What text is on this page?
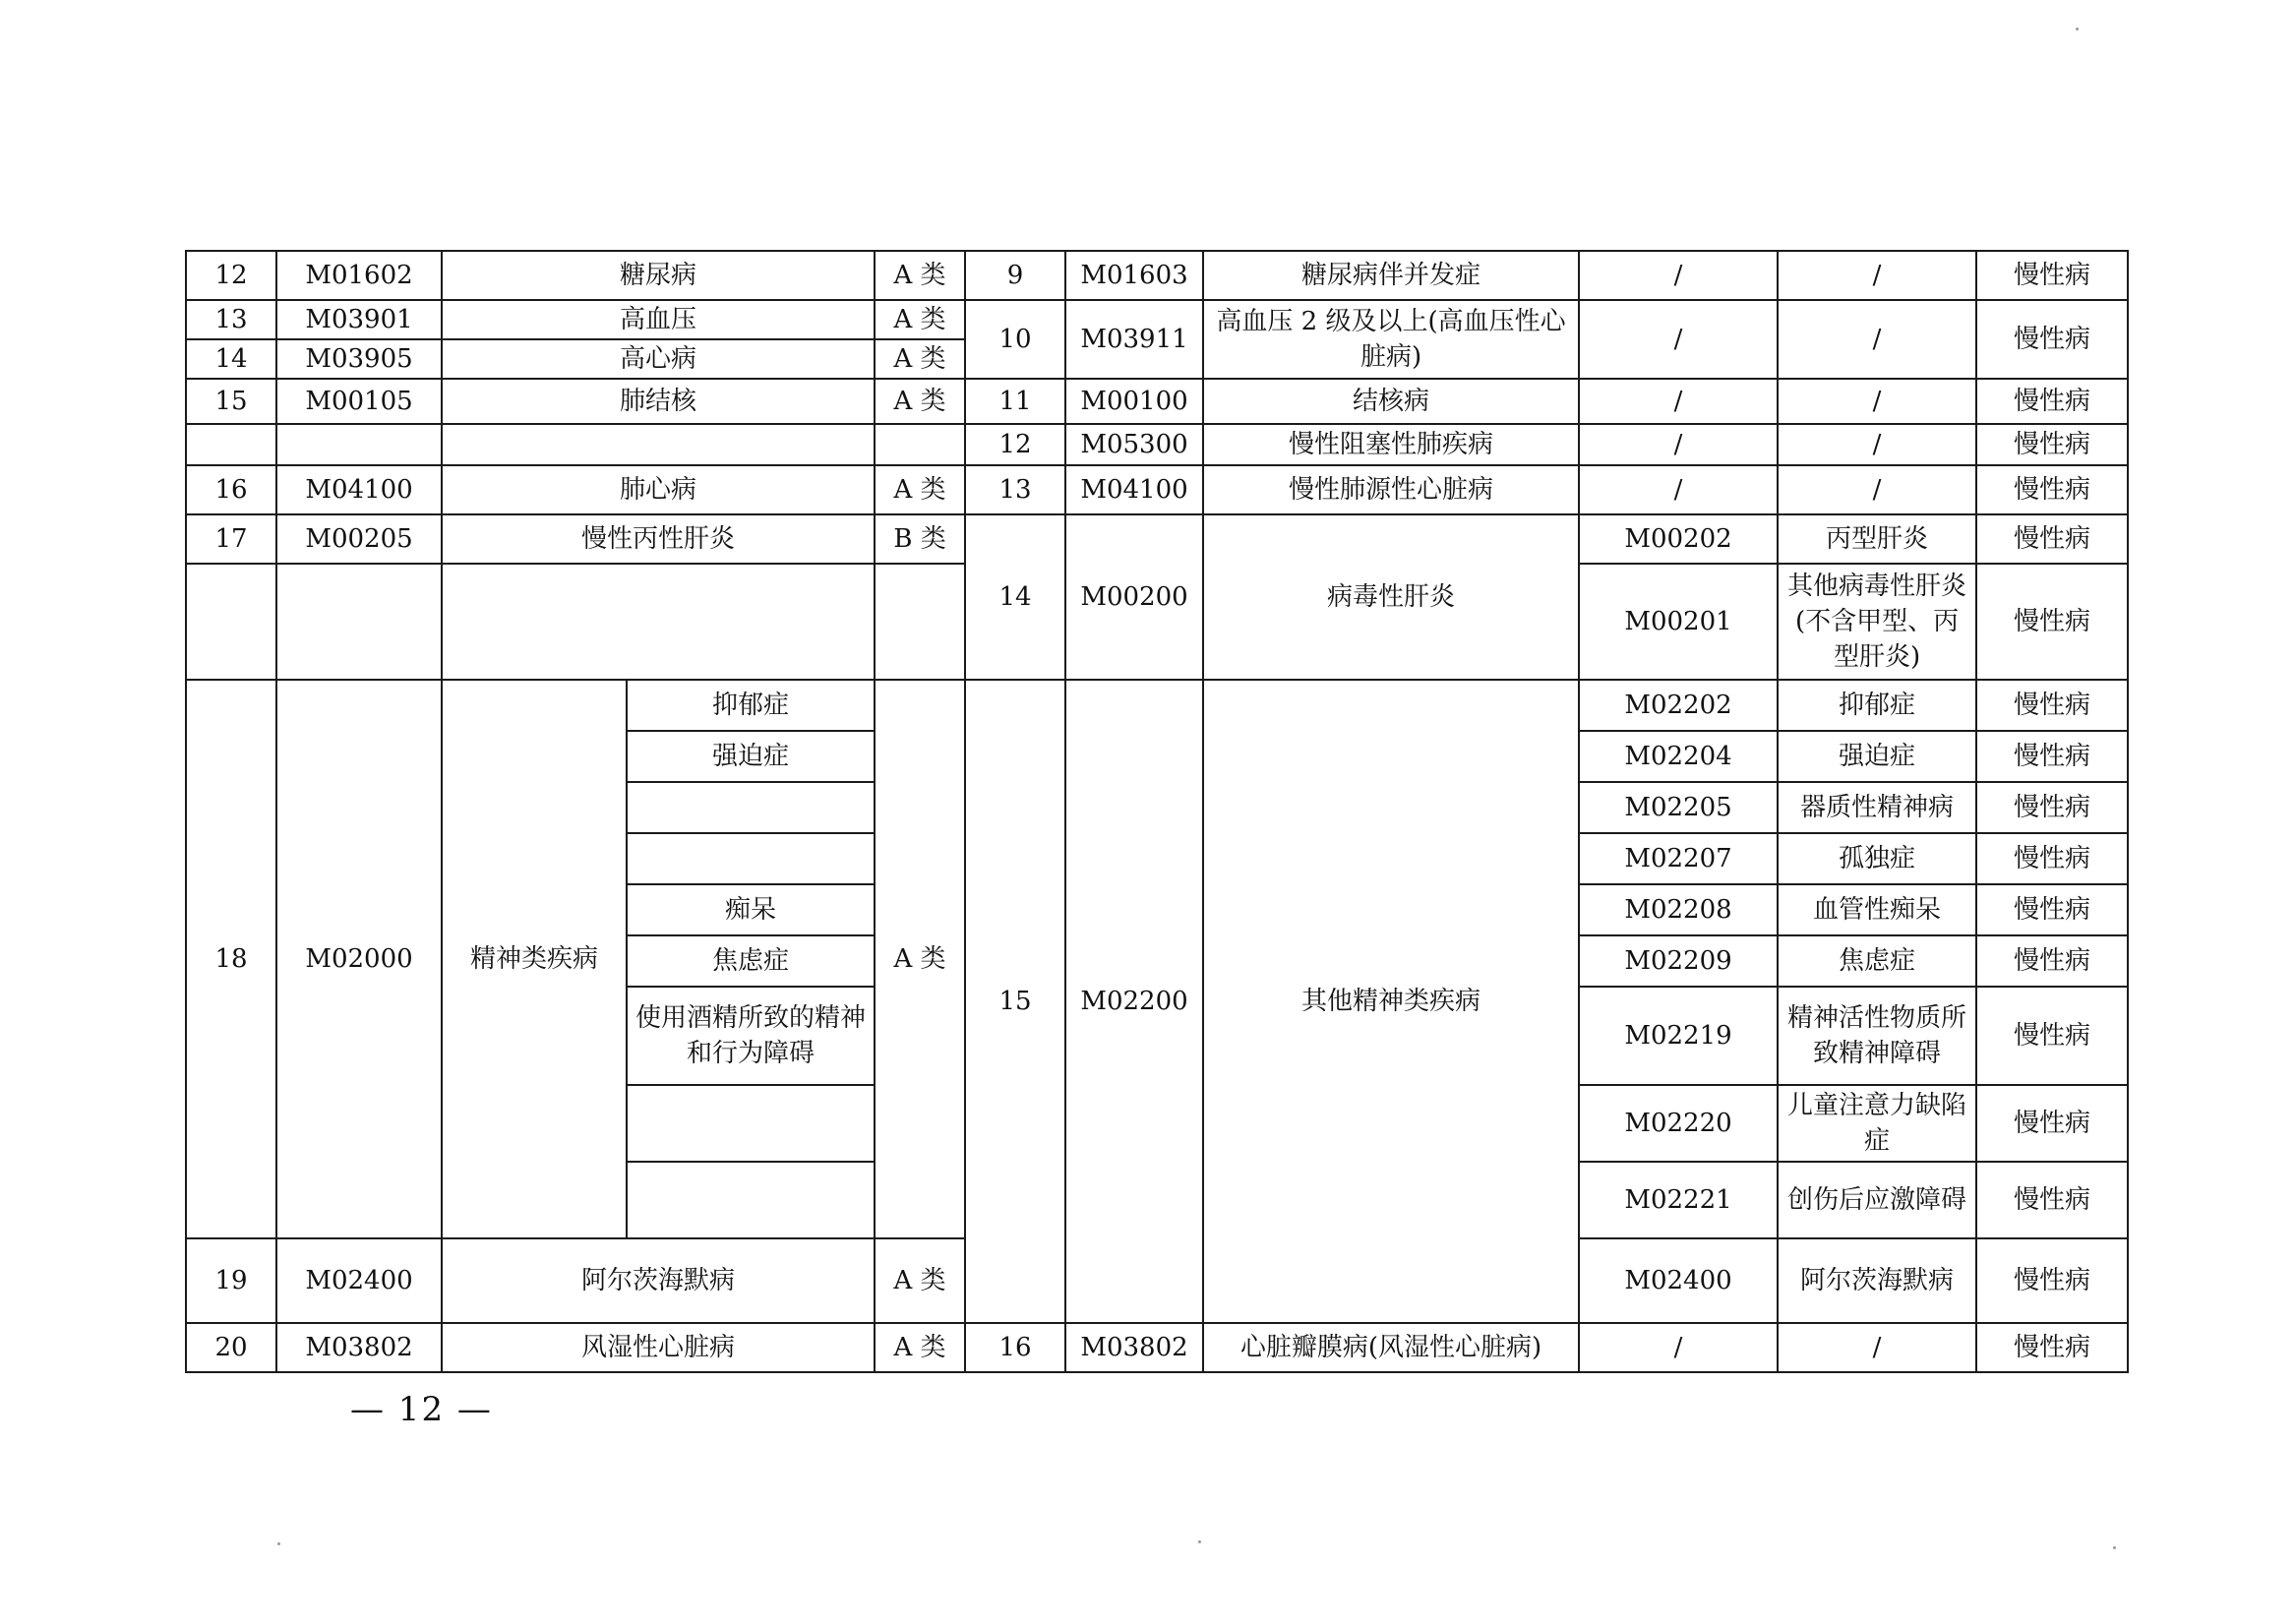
12	M01602	糖尿病		A 类	9	M01603	糖尿病伴并发症	/	/	慢性病
13	M03901	高血压		A 类	10	M03911	高血压 2 级及以上(高血压性心脏病)	/	/	慢性病
14	M03905	高心病		A 类						
15	M00105	肺结核		A 类	11	M00100	结核病	/	/	慢性病
					12	M05300	慢性阻塞性肺疾病	/	/	慢性病
16	M04100	肺心病		A 类	13	M04100	慢性肺源性心脏病	/	/	慢性病
17	M00205	慢性丙性肝炎		B 类	14	M00200	病毒性肝炎	M00202	丙型肝炎	慢性病
								M00201	其他病毒性肝炎(不含甲型、丙型肝炎)	慢性病
18	M02000	精神类疾病	抑郁症	A 类	15	M02200	其他精神类疾病	M02202	抑郁症	慢性病
			强迫症					M02204	强迫症	慢性病
								M02205	器质性精神病	慢性病
								M02207	孤独症	慢性病
			痴呆					M02208	血管性痴呆	慢性病
			焦虑症					M02209	焦虑症	慢性病
			使用酒精所致的精神和行为障碍					M02219	精神活性物质所致精神障碍	慢性病
								M02220	儿童注意力缺陷症	慢性病
								M02221	创伤后应激障碍	慢性病
19	M02400	阿尔茨海默病		A 类				M02400	阿尔茨海默病	慢性病
20	M03802	风湿性心脏病		A 类	16	M03802	心脏瓣膜病(风湿性心脏病)	/	/	慢性病
— 12 —
